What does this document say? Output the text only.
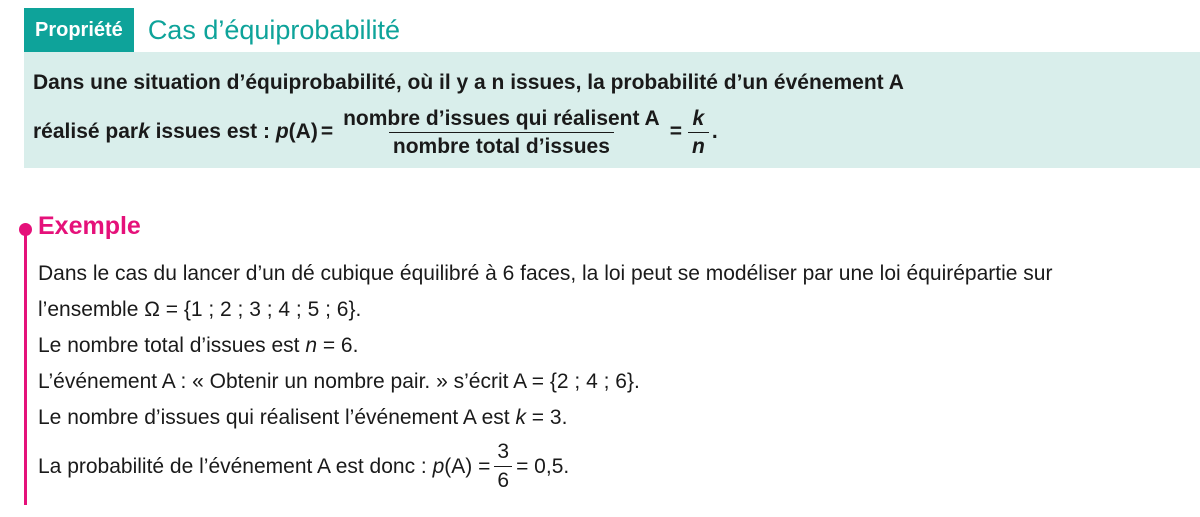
Propriété Cas d’équiprobabilité
Dans une situation d’équiprobabilité, où il y a n issues, la probabilité d’un événement A
réalisé par k issues est : p $(A) = \frac{\text{nombre d’issues qui réalisent A}}{\text{nombre total d’issues}} = \frac{k}{n}$ .
Exemple
Dans le cas du lancer d’un dé cubique équilibré à 6 faces, la loi peut se modéliser par une loi équirépartie sur
l’ensemble Ω = {1 ; 2 ; 3 ; 4 ; 5 ; 6}.
Le nombre total d’issues est n = 6.
L’événement A : « Obtenir un nombre pair. » s’écrit A = {2 ; 4 ; 6}.
Le nombre d’issues qui réalisent l’événement A est k = 3.
La probabilité de l’événement A est donc : p $(A) = \frac{3}{6} = 0,5$.
